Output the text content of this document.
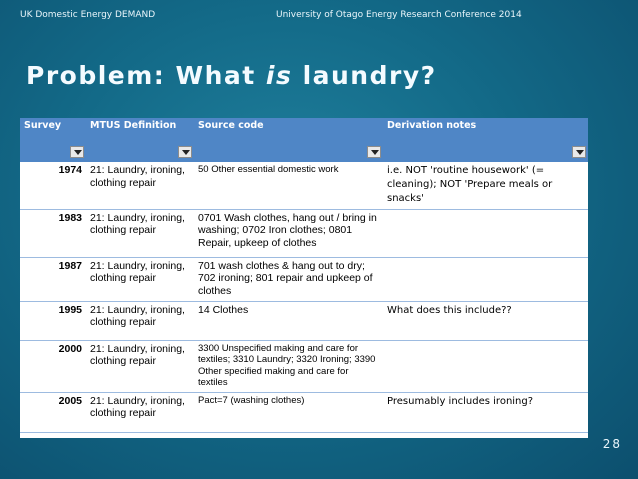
UK Domestic Energy DEMAND	University of Otago Energy Research Conference 2014
Problem: What is laundry?
Survey	MTUS Definition	Source code	Derivation notes

1974	21: Laundry, ironing, clothing repair	50 Other essential domestic work	i.e. NOT 'routine housework' (= cleaning); NOT 'Prepare meals or snacks'
1983	21: Laundry, ironing, clothing repair	0701 Wash clothes, hang out / bring in washing; 0702 Iron clothes; 0801 Repair, upkeep of clothes	
1987	21: Laundry, ironing, clothing repair	701 wash clothes & hang out to dry; 702 ironing; 801 repair and upkeep of clothes	
1995	21: Laundry, ironing, clothing repair	14 Clothes	What does this include??
2000	21: Laundry, ironing, clothing repair	3300 Unspecified making and care for textiles; 3310 Laundry; 3320 Ironing; 3390 Other specified making and care for textiles	
2005	21: Laundry, ironing, clothing repair	Pact=7 (washing clothes)	Presumably includes ironing?
28
